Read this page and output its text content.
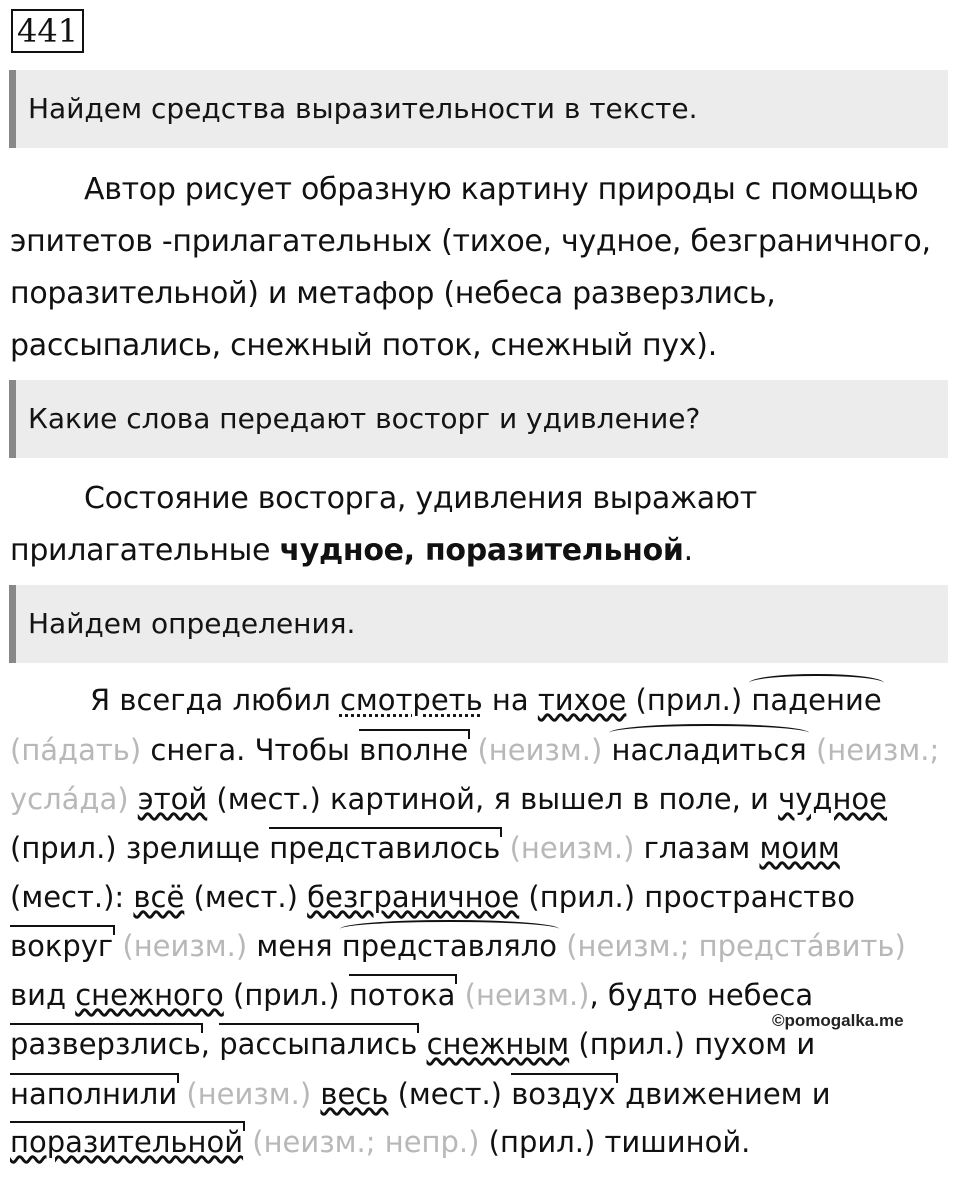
441
Найдем средства выразительности в тексте.
Автор рисует образную картину природы с помощью эпитетов -прилагательных (тихое, чудное, безграничного, поразительной) и метафор (небеса разверзлись, рассыпались, снежный поток, снежный пух).
Какие слова передают восторг и удивление?
Состояние восторга, удивления выражают прилагательные чудное, поразительной.
Найдем определения.
Я всегда любил смотреть на тихое (прил.) падение
(пáдать) снега. Чтобы вполне (неизм.) насладиться (неизм.;
услáда) этой (мест.) картиной, я вышел в поле, и чудное
(прил.) зрелище представилось (неизм.) глазам моим
(мест.): всё (мест.) безграничное (прил.) пространство
вокруг (неизм.) меня представляло (неизм.; предстáвить)
вид снежного (прил.) потока (неизм.), будто небеса
©pomogalka.me
разверзлись, рассыпались снежным (прил.) пухом и
наполнили (неизм.) весь (мест.) воздух движением и
поразительной (неизм.; непр.) (прил.) тишиной.
